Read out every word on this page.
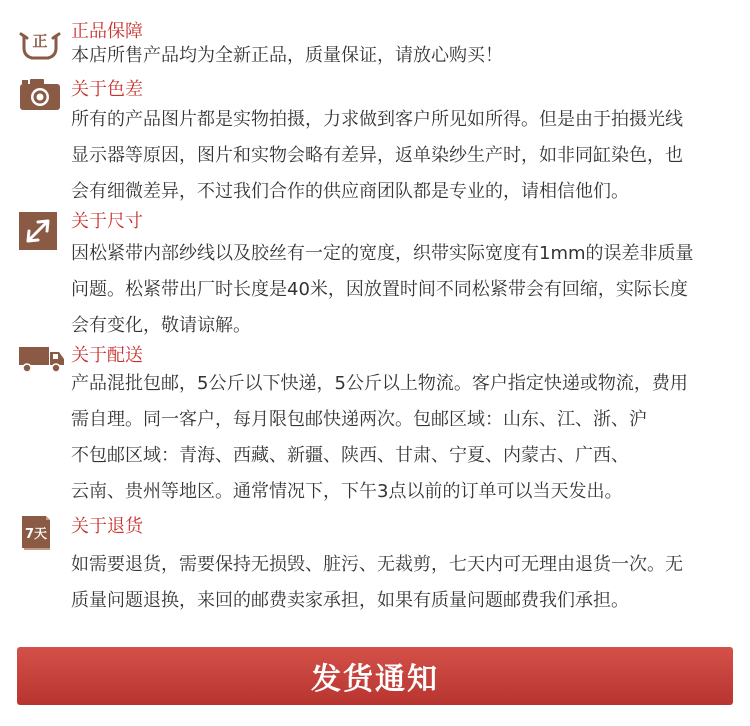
正 正品保障

本店所售产品均为全新正品，质量保证，请放心购买！

关于色差

所有的产品图片都是实物拍摄，力求做到客户所见如所得。但是由于拍摄光线

显示器等原因，图片和实物会略有差异，返单染纱生产时，如非同缸染色，也

会有细微差异，不过我们合作的供应商团队都是专业的，请相信他们。

关于尺寸

因松紧带内部纱线以及胶丝有一定的宽度，织带实际宽度有1mm的误差非质量

问题。松紧带出厂时长度是40米，因放置时间不同松紧带会有回缩，实际长度

会有变化，敬请谅解。

关于配送

产品混批包邮，5公斤以下快递，5公斤以上物流。客户指定快递或物流，费用

需自理。同一客户，每月限包邮快递两次。包邮区域：山东、江、浙、沪

不包邮区域：青海、西藏、新疆、陕西、甘肃、宁夏、内蒙古、广西、

云南、贵州等地区。通常情况下，下午3点以前的订单可以当天发出。

7天 关于退货

如需要退货，需要保持无损毁、脏污、无裁剪，七天内可无理由退货一次。无

质量问题退换，来回的邮费卖家承担，如果有质量问题邮费我们承担。

发货通知
